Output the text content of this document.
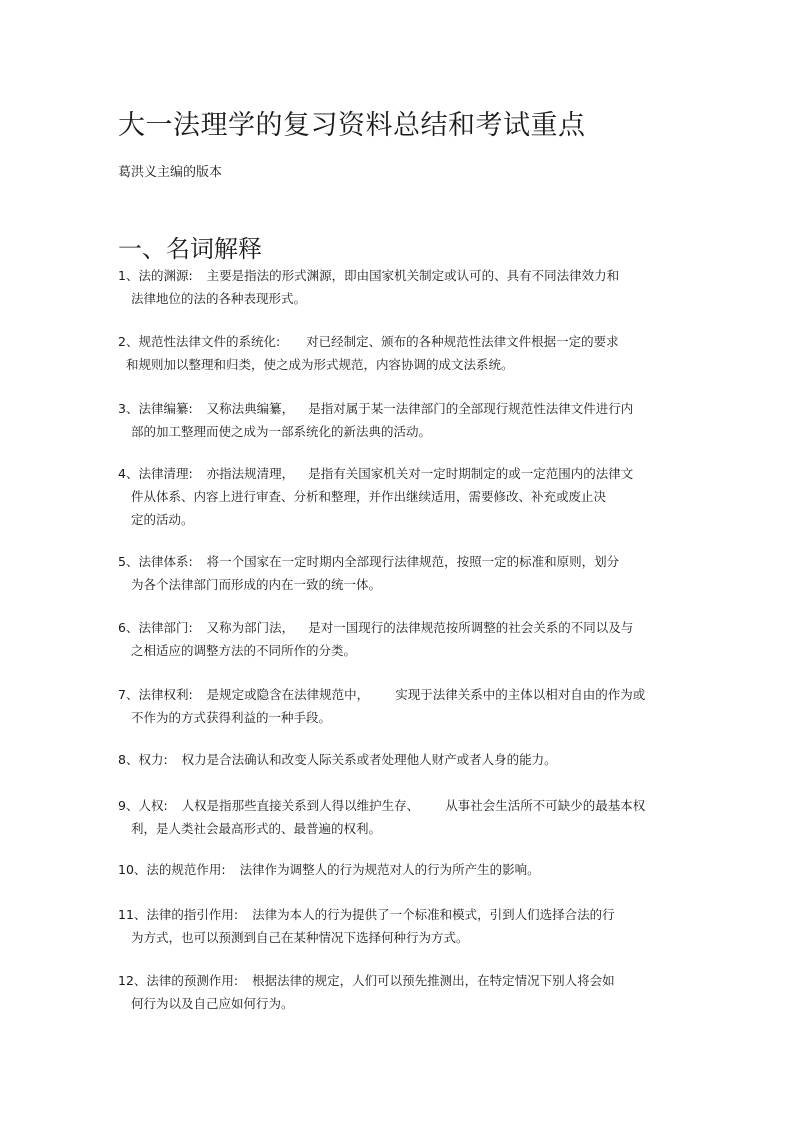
大一法理学的复习资料总结和考试重点

葛洪义主编的版本

一、名词解释
1、法的渊源: 主要是指法的形式渊源，即由国家机关制定或认可的、具有不同法律效力和
法律地位的法的各种表现形式。
2、规范性法律文件的系统化: 对已经制定、颁布的各种规范性法律文件根据一定的要求
和规则加以整理和归类，使之成为形式规范，内容协调的成文法系统。
3、法律编纂: 又称法典编纂， 是指对属于某一法律部门的全部现行规范性法律文件进行内
部的加工整理而使之成为一部系统化的新法典的活动。
4、法律清理: 亦指法规清理， 是指有关国家机关对一定时期制定的或一定范围内的法律文
件从体系、内容上进行审查、分析和整理，并作出继续适用，需要修改、补充或废止决
定的活动。
5、法律体系: 将一个国家在一定时期内全部现行法律规范，按照一定的标准和原则，划分
为各个法律部门而形成的内在一致的统一体。
6、法律部门: 又称为部门法， 是对一国现行的法律规范按所调整的社会关系的不同以及与
之相适应的调整方法的不同所作的分类。
7、法律权利: 是规定或隐含在法律规范中， 实现于法律关系中的主体以相对自由的作为或
不作为的方式获得利益的一种手段。
8、权力: 权力是合法确认和改变人际关系或者处理他人财产或者人身的能力。
9、人权: 人权是指那些直接关系到人得以维护生存、 从事社会生活所不可缺少的最基本权
利，是人类社会最高形式的、最普遍的权利。
10、法的规范作用: 法律作为调整人的行为规范对人的行为所产生的影响。
11、法律的指引作用: 法律为本人的行为提供了一个标准和模式，引到人们选择合法的行
为方式，也可以预测到自己在某种情况下选择何种行为方式。
12、法律的预测作用: 根据法律的规定，人们可以预先推测出，在特定情况下别人将会如
何行为以及自己应如何行为。
